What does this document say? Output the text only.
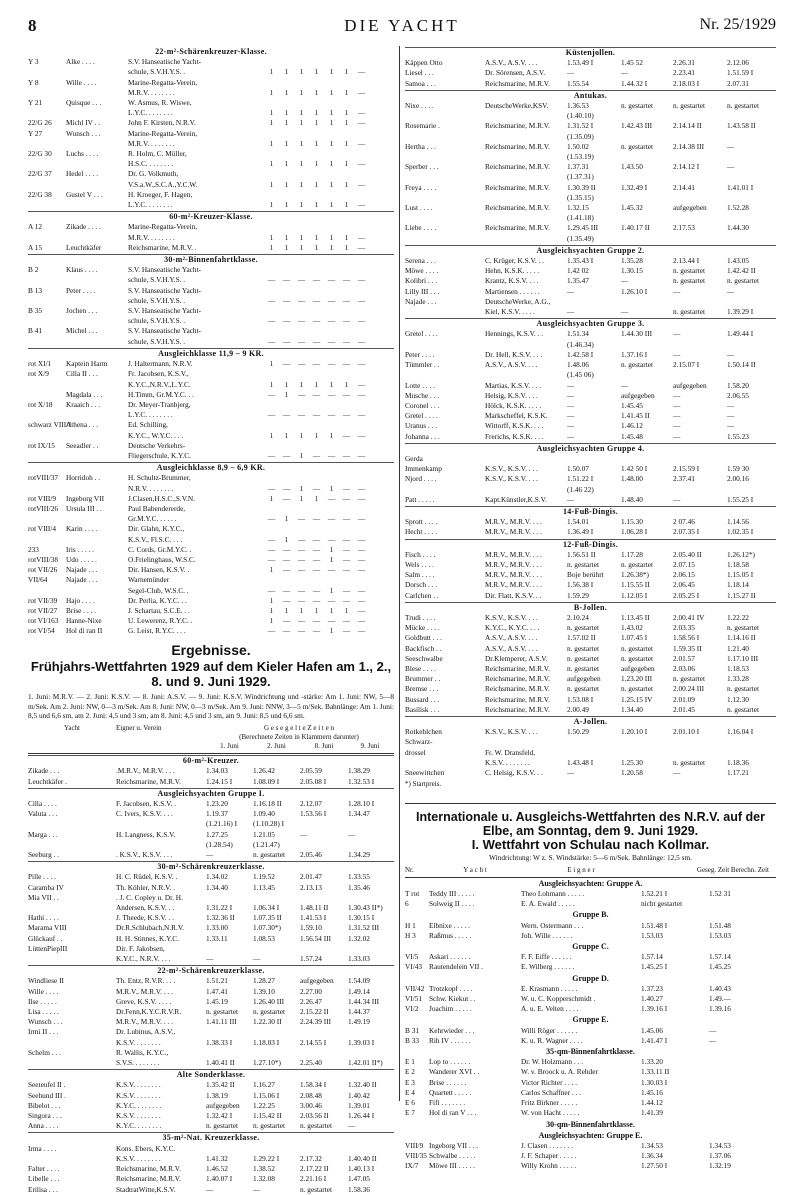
8	DIE YACHT	Nr. 25/1929
22-m²-Schärenkreuzer-Klasse.
Y 3	Alke . . . .	S.V. Hanseatische Yacht-
schule, S.V.H.Y.S. .	1	1	1	1	1	1	—
Y 8	Wille . . . .	Marine-Regatta-Verein,
M.R.V. . . . . . . .	1	1	1	1	1	1	—
Y 21	Quisque . . .	W. Asmus, R. Wiswe,
L.Y.C. . . . . . . .	1	1	1	1	1	1	—
22/G 26	Michl IV . .	John F. Kirsten, N.R.V.	1	1	1	1	1	1	—
Y 27	Wunsch . . .	Marine-Regatta-Verein,
M.R.V. . . . . . . .	1	1	1	1	1	1	—
22/G 30	Luchs . . . .	R. Holm, C. Müller,
H.S.C. . . . . . . .	1	1	1	1	1	1	—
22/G 37	Hedel . . . .	Dr. G. Volkmuth,
V.S.a.W.,S.C.A.,Y.C.W.	1	1	1	1	1	1	—
22/G 38	Gustel V . . .	H. Kroeger, F. Hagen,
L.Y.C. . . . . . . .	1	1	1	1	1	1	—
60-m²-Kreuzer-Klasse.
A 12	Zikade . . . .	Marine-Regatta-Verein,
M.R.V. . . . . . . .	1	1	1	1	1	1	—
A 15	Leuchtkäfer	Reichsmarine, M.R.V. .	1	1	1	1	1	1	—
30-m²-Binnenfahrtklasse.
B 2	Klaus . . . .	S.V. Hanseatische Yacht-
schule, S.V.H.Y.S. .	—	—	—	—	—	—	—
B 13	Peter . . . .	S.V. Hanseatische Yacht-
schule, S.V.H.Y.S. .	—	—	—	—	—	—	—
B 35	Jochen . . .	S.V. Hanseatische Yacht-
schule, S.V.H.Y.S. .	—	—	—	—	—	—	—
B 41	Michel . . .	S.V. Hanseatische Yacht-
schule, S.V.H.Y.S. .	—	—	—	—	—	—	—
Ausgleichklasse 11,9 – 9 KR.
rot XI/1	Kaptein Harm	J. Haltermann, N.R.V.	1	—	—	—	—	—	—
rot X/9	Cilla II . . .	Fr. Jacobsen, K.S.V.,
K.Y.C.,N.R.V.,L.Y.C.	1	1	1	1	1	1	—
Magdala . . .	H.Timm, Gr.M.Y.C. . .	—	1	—	—	—	—	—
rot X/18	Kraaich . . .	Dr. Meyer-Tranbjerg,
L.Y.C. . . . . . . .	—	—	—	—	—	—	—
schwarz VIII/1
Athena . . .	Ed. Schilling,
K.Y.C., W.Y.C. . . .	1	1	1	1	1	—	—
rot IX/15	Seeadler . .	Deutsche Verkehrs-
Fliegerschule, K.Y.C.	—	—	1	—	—	—	—
Ausgleichklasse 8,9 – 6,9 KR.
rotVIII/37	Horridoh . .	H. Schultz-Brummer,
N.R.V. . . . . . . .	—	—	1	—	1	—	—
rot VIII/9	Ingeborg VII	J.Clasen,H.S.C.,S.V.N.	1	—	1	1	—	—	—
rotVIII/26	Ursula III . .	Paul Babendererde,
Gr.M.Y.C. . . . . .	—	1	—	—	—	—	—
rot VIII/4	Karin . . . .	Dir. Glahn, K.Y.C.,
K.S.V., Fl.S.C. . . .	—	1	—	—	—	—	—
233	Iris . . . . .	C. Cords, Gr.M.Y.C. .	—	—	—	—	1	—	—
rotVIII/38	Udo . . . . .	O.Frielinghaus, W.S.C.	—	—	—	—	1	—	—
rot VII/26	Najade . . .	Dir. Hansen, K.S.V. .	1	—	—	—	—	—	—
VII/64	Najade . . .	Warnemünder
Segel-Club, W.S.C. .	—	—	—	—	1	—	—
rot VII/39	Hajo . . . .	Dr. Perlia, K.Y.C. . .	1	—	—	—	—	—	—
rot VII/27	Brise . . . .	J. Schartau, S.C.E. . .	1	1	1	1	1	1	—
rot VI/163	Hanne-Nixe	U. Lewerenz, R.Y.C. .	1	—	—	—	—	—	—
rot VI/54	Hol di ran II	G. Leist, R.Y.C. . . .	—	—	—	—	1	—	—
Ergebnisse.
Frühjahrs-Wettfahrten 1929 auf dem Kieler Hafen am 1., 2., 8. und 9. Juni 1929.
1. Juni: M.R.V. — 2. Juni: K.S.V. — 8. Juni: A.S.V. — 9. Juni: K.S.V. Windrichtung und -stärke: Am 1. Juni: NW, 5—8 m/Sek. Am 2. Juni: NW, 0—3 m/Sek. Am 8. Juni: NW, 0—3 m/Sek. Am 9. Juni: NNW, 3—5 m/Sek. Bahnlänge: Am 1. Juni: 8,5 und 6,6 sm, am 2. Juni: 4,5 und 3 sm, am 8. Juni: 4,5 und 3 sm, am 9. Juni: 8,5 und 6,6 sm.
Yacht	Eigner u. Verein	G e s e g e l t e Z e i t e n
(Berechnete Zeiten in Klammern darunter)
1. Juni	2. Juni	8. Juni	9. Juni
60-m²-Kreuzer.
Zikade . . .	.M.R.V., M.R.V. . . .	1.34.03	1.26.42	2.05.59	1.38.29
Leuchtkäfer .	Reichsmarine, M.R.V.	1.24.15 I	1.08.09 I	2.05.08 I	1.32.53 I
Ausgleichsyachten Gruppe I.
Cilla . . . .	F. Jacobsen, K.S.V. .	1.23.20	1.16.18 II	2.12.07	1.28.10 I
Valuta . . .	C. Ivers, K.S.V. . . .	1.19.37	1.09.40	1.53.56 I	1.34.47
(1.21.16) I	(1.10.28) I
Marga . . .	H. Langness, K.S.V.	1.27.25	1.21.05	—	—
(1.28.54)	(1.21.47)
Seeburg . .	. K.S.V., K.S.V. . . .	—	n. gestartet	2.05.46	1.34.29
30-m²-Schärenkreuzerklasse.
Pille . . . .	H. C. Rüdel, K.S.V. .	1.34.02	1.19.52	2.01.47	1.33.55
Caramba IV	Th. Köhler, N.R.V. .	1.34.40	1.13.45	2.13.13	1.35.46
Mia VII . .	. J. C. Copley u. Dr. H.
Andersen, K.S.V. . .	1.31.22 I	1.06.34 I	1.48.11 II	1.30.43 II*)
Hathi . . . .	J. Theede, K.S.V. . .	1.32.36 II	1.07.35 II	1.41.53 I	1.30.15 I
Marama VIII	Dr.R.Schlubach,N.R.V.	1.33.00	1.07.30*)	1.59.10	1.31.52 III
Glückauf . .	H. H. Stinnes, K.Y.C.	1.33.11	1.08.53	1.56.54 III	1.32.02
LüttenPiepIII	Dir. F. Jakobsen,
K.Y.C., N.R.V. . . .	—	—	1.57.24	1.33.03
22-m²-Schärenkreuzerklasse.
Windliese II	Th. Entz, R.V.R. . . .	1.51.21	1.28.27	aufgegeben	1.54.09
Wille . . . .	M.R.V., M.R.V. . . .	1.47.41	1.39.10	2.27.00	1.49.14
Ilse . . . . .	Greve, K.S.V. . . . .	1.45.19	1.26.40 III	2.26.47	1.44.34 III
Lisa . . . . .	Dr.Fenn,K.Y.C.R.V.R.	n. gestartet	n. gestartet	2.15.22 II	1.44.37
Wunsch . . .	M.R.V., M.R.V. . . .	1.41.11 III	1.22.30 II	2.24.39 III	1.49.19
Irmi II . . .	Dr. Lubinus, A.S.V.,
K.S.V. . . . . . . .	1.38.33 I	1.18.03 I	2.14.55 I	1.39.03 I
Schelm . . .	R. Wallis, K.Y.C.,
S.V.S. . . . . . . .	1.40.41 II	1.27.10*)	2.25.40	1.42.01 II*)
Alte Sonderklasse.
Seeteufel II .	K.S.V. . . . . . . .	1.35.42 II	1.16.27	1.58.34 I	1.32.40 II
Seehund III .	K.S.V. . . . . . . .	1.38.19	1.15.06 I	2.08.48	1.40.42
Bibelot . . .	K.Y.C. . . . . . . .	aufgegeben	1.22.25	3.00.46	1.39.01
Singora . . .	K.S.V. . . . . . . .	1.32.42 I	1.15.42 II	2.03.56 II	1.26.44 I
Anna . . . .	K.Y.C. . . . . . . .	n. gestartet	n. gestartet	n. gestartet	—
35-m²-Nat. Kreuzerklasse.
Irma . . . .	Kons. Ebers, K.Y.C.
K.S.V. . . . . . . .	1.41.32	1.29.22 I	2.17.32	1.40.40 II
Falter . . . .	Reichsmarine, M.R.V.	1.46.52	1.38.52	2.17.22 II	1.40.13 I
Libelle . . .	Reichsmarine, M.R.V.	1.40.07 I	1.32.08	2.21.16 I	1.47.05
Erilisa . . .	StadtratWitte,K.S.V.	—	—	n. gestartet	1.58.36
Küstenjollen.
Käppen Otto	A.S.V., A.S.V. . . .	1.53.49 I	1.45 52	2.26.31	2.12.06
Liesel . . .	Dr. Sörensen, A.S.V.	—	—	2.23.41	1.51.59 I
Samoa . . .	Reichsmarine, M.R.V.	1.55.54	1.44.32 I	2.18.03 I	2.07.31
Antukas.
Nixe . . . .	DeutscheWerke,KSV.	1.36.53	n. gestartet	n. gestartet	n. gestartet
(1.40.10)
Rosemarie .	Reichsmarine, M.R.V.	1.31.52 I	1.42.43 III	2.14.14 II	1.43.58 II
(1.35.09)
Hertha . . .	Reichsmarine, M.R.V.	1.50.02	n. gestartet	2.14.38 III	—
(1.53.19)
Sperber . . .	Reichsmarine, M.R.V.	1.37.31	1.43.50	2.14.12 I	—
(1.37.31)
Freya . . . .	Reichsmarine, M.R.V.	1.30.39 II	1.32.49 I	2.14.41	1.41.01 I
(1.35.15)
Lust . . . .	Reichsmarine, M.R.V.	1.32.15	1.45.32	aufgegeben	1.52.28
(1.41.18)
Liebe . . . .	Reichsmarine, M.R.V.	1.29.45 III	1.40.17 II	2.17.53	1.44.30
(1.35.49)
Ausgleichsyachten Gruppe 2.
Serena . . .	C. Krüger, K.S.V. . .	1.35.43 I	1.35.28	2.13.44 I	1.43.05
Möwe . . . .	Hehn, K.S.K. . . . .	1.42 02	1.30.15	n. gestartet	1.42.42 II
Kolibri . . .	Krantz, K.S.V. . . .	1.35.47	—	n. gestartet	n. gestartet
Lilly III . . .	Martiensen . . . . . .	—	1.26.10 I	—	—
Najade . . .	DeutscheWerke, A.G.,
Kiel, K.S.V. . . . .	—	—	n. gestartet	1.39.29 I
Ausgleichsyachten Gruppe 3.
Gretel . . . .	Hennings, K.S.V. . .	1.51.34	1.44.30 III	—	1.49.44 I
(1.46.34)
Peter . . . .	Dr. Hell, K.S.V. . . .	1.42.58 I	1.37.16 I	—	—
Tümmler . .	A.S.V., A.S.V. . . .	1.48.06	n. gestartet	2.15.07 I	1.50.14 II
(1.45 06)
Lotte . . . .	Martias, K.S.V. . . .	—	—	aufgegeben	1.58.20
Musche . . .	Helsig, K.S.V. . . .	—	aufgegeben	—	2.06.55
Coronel . . .	Hölck, K.S.K. . . . .	—	1.45.45	—	—
Gretel . . . .	Markscheffel, K.S.K.	—	1.41.45 II	—	—
Uranus . . .	Wittorff, K.S.K. . . .	—	1.46.12	—	—
Johanna . . .	Frerichs, K.S.K. . . .	—	1.45.48	—	1.55.23
Ausgleichsyachten Gruppe 4.
Gerda
Immenkamp	K.S.V., K.S.V. . . .	1.50.07	1.42 50 I	2.15.59 I	1.59 30
Njord . . . .	K.S.V., K.S.V. . . .	1.51.22 I	1.48.00	2.37.41	2.00.16
(1.46 22)
Patt . . . . .	Kapt.Künstler,K.S.V.	—	1.48.40	—	1.55.25 I
14-Fuß-Dingis.
Sprott . . . .	M.R.V., M.R.V. . . .	1.54.01	1.15.30	2 07.46	1.14.56
Hecht . . . .	M.R.V., M.R.V. . . .	1.36.49 I	1.06.28 I	2.07.35 I	1.02.35 I
12-Fuß-Dingis.
Fisch . . . .	M.R.V., M.R.V. . . .	1.56.51 II	1.17.28	2.05.40 II	1.26.12*)
Wels . . . .	M.R.V., M.R.V. . . .	n. gestartet	n. gestartet	2.07.15	1.18.58
Salm . . . .	M.R.V., M.R.V. . . .	Boje berührt	1.26.38*)	2.06.15	1.15.05 I
Dorsch . . .	M.R.V., M.R.V. . . .	1.56.38 I	1.15.55 II	2.06.45	1.18.14
Carlchen . .	Dir. Flatt, K.S.V. . .	1.59.29	1.12.05 I	2.05.25 I	1.15.27 II
B-Jollen.
Trudi . . . .	K.S.V., K.S.V. . . .	2.10.24	1.13.45 II	2.00.41 IV	1.22.22
Mücke . . . .	K.Y.C., K.Y.C. . . .	n. gestartet	1.43.02	2.03.35	n. gestartet
Goldbutt . . .	A.S.V., A.S.V. . . .	1.57.02 II	1.07.45 I	1.58.56 I	1.14.16 II
Backfisch . .	A.S.V., A.S.V. . . .	n. gestartet	n. gestartet	1.59.35 II	1.21.40
Seeschwalbe	Dr.Klemperer, A.S.V.	n. gestartet	n. gestartet	2.01.57	1.17.10 III
Blese . . . .	Reichsmarine, M.R.V.	n. gestartet	aufgegeben	2.03.06	1.18.53
Brummer . .	Reichsmarine, M.R.V.	aufgegeben	1.23.20 III	n. gestartet	1.33.28
Bremse . . .	Reichsmarine, M.R.V.	n. gestartet	n. gestartet	2.00.24 III	n. gestartet
Bussard . . .	Reichsmarine, M.R.V.	1.53.08 I	1.25.15 IV	2.01.09	1.12.30
Basilisk . . .	Reichsmarine, M.R.V.	2.00.49	1.34.40	2.01.45	n. gestartet
A-Jollen.
Rotkehlchen	K.S.V., K.S.V. . . .	1.50.29	1.20.10 I	2.01.10 I	1.16.04 I
Schwarz-
drossel	Fr. W. Dransfeld,
K.S.V. . . . . . . .	1.43.48 I	1.25.30	n. gestartet	1.18.36
Sneewittchen	C. Helsig, K.S.V. . .	—	1.20.58	—	1.17.21
*) Startpreis.
Internationale u. Ausgleichs-Wettfahrten des N.R.V. auf der Elbe, am Sonntag, dem 9. Juni 1929.
I. Wettfahrt von Schulau nach Kollmar.
Windrichtung: W z. S. Windstärke: 5—6 m/Sek. Bahnlänge: 12,5 sm.
Nr.	Y a c h t	E i g n e r	Geseg. Zeit Berechn. Zeit
Ausgleichsyachten: Gruppe A.
T rot	Teddy III . . . . .	Theo Lohmann . . . . .	1.52.21 I	1.52 31
6	Solweig II . . . .	E. A. Ewald . . . . .	nicht gestartet
Gruppe B.
H 1	Elbnixe . . . . .	Wern. Ostermann . . .	1.51.48 I	1.51.48
H 3	Raßmus . . . . .	Joh. Wille . . . . . .	1.53.03	1.53.03
Gruppe C.
VI/5	Askari . . . . . .	F. F. Eiffe . . . . . .	1.57.14	1.57.14
VI/43 Rautendelein VII .	E. Wilberg . . . . . .	1.45.25 I	1.45.25
Gruppe D.
VII/42 Trotzkopf . . . .	E. Krasmann . . . . .	1.37.23	1.40.43
VI/51 Schw. Kiekut . .	W. u. C. Kopperschmidt .	1.40.27	1.49.—
VI/2	Joachim . . . . .	A. u. E. Velten . . . .	1.39.16 I	1.39.16
Gruppe E.
B 31	Kehrwieder . . .	Willi Röger . . . . . .	1.45.06	—
B 33	Rih IV . . . . . .	K. u. R. Wagner . . . .	1.41.47 I	—
35-qm-Binnenfahrtklasse.
E 1	Lop to . . . . . .	Dr. W. Holzmann . . .	1.33.20
E 2	Wanderer XVI . .	W. v. Broock u. A. Rehder	1.33.11 II
E 3	Brise . . . . . .	Victor Richter . . . .	1.30.03 I
E 4	Quartett . . . . .	Carlos Schaffner . . .	1.45.16
E 6	Fifi . . . . . . .	Fritz Birkner . . . . .	1.44.12
E 7	Hol di ran V . . .	W. von Hacht . . . . .	1.41.39
30-qm-Binnenfahrtklasse.
Ausgleichsyachten: Gruppe E.
VIII/9 Ingeborg VII . . .	J. Clasen . . . . . . .	1.34.53	1.34.53
VIII/35 Schwalbe . . . . .	J. F. Schaper . . . . .	1.36.34	1.37.06
IX/7	Möwe III . . . . .	Willy Krohn . . . . .	1.27.50 I	1.32.19
